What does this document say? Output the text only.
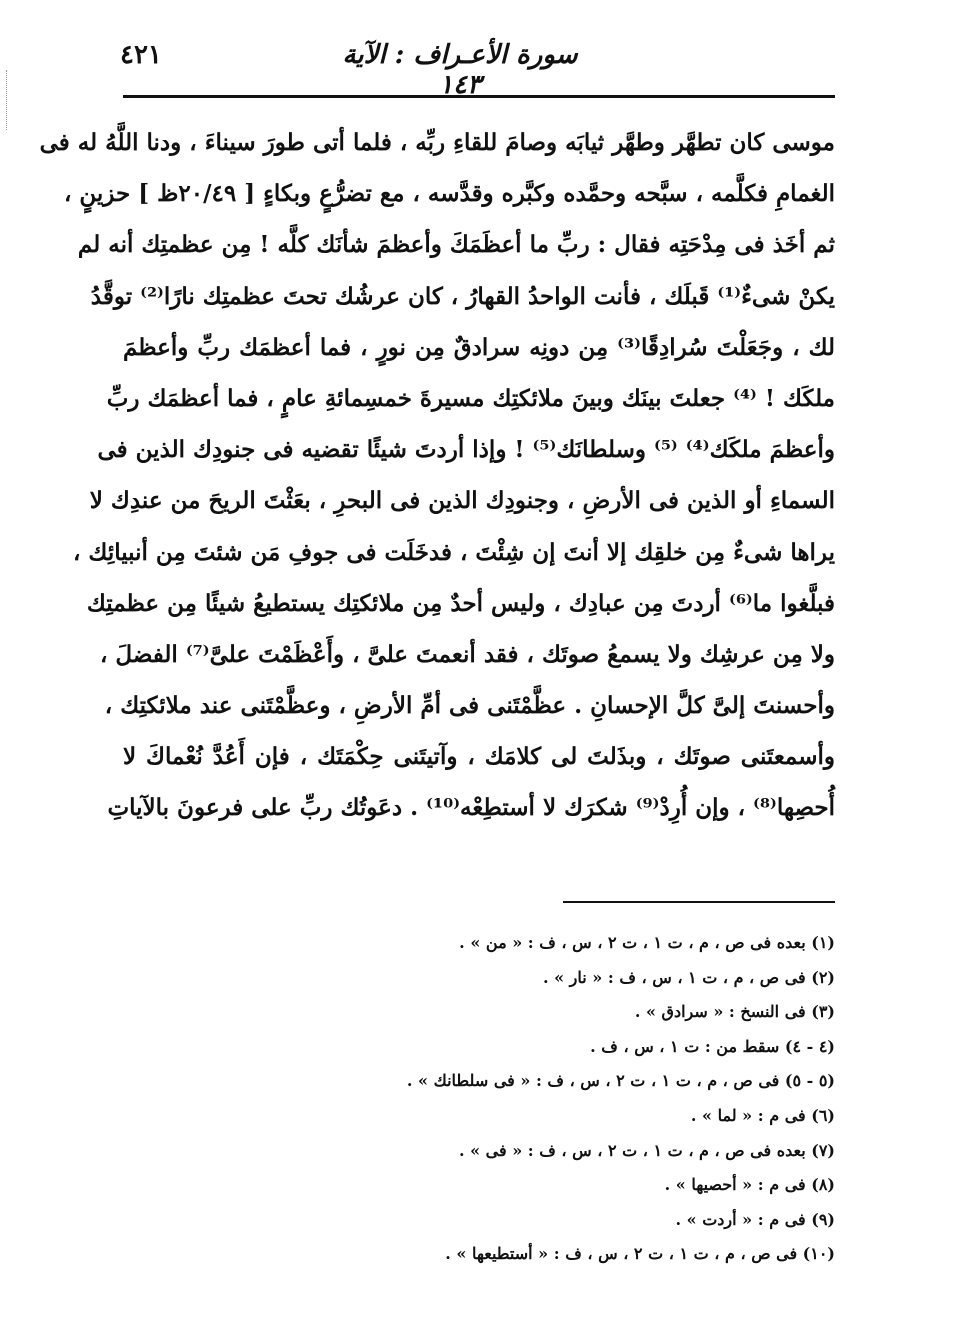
٤٢١	سورة الأعـراف : الآية ١٤٣
موسى كان تطهَّر وطهَّر ثيابَه وصامَ للقاءِ ربِّه ، فلما أتى طورَ سيناءَ ، ودنا اللَّهُ له فى
الغمامِ فكلَّمه ، سبَّحه وحمَّده وكبَّره وقدَّسه ، مع تضرُّعٍ وبكاءٍ [ ٢٠/٤٩ظ ] حزينٍ ،
ثم أخَذ فى مِدْحَتِه فقال : ربِّ ما أعظَمَكَ وأعظمَ شأنَك كلَّه ! مِن عظمتِك أنه لم
يكنْ شىءٌ⁽¹⁾ قَبلَك ، فأنت الواحدُ القهارُ ، كان عرشُك تحتَ عظمتِك نارًا⁽²⁾ توقَّدُ
لك ، وجَعَلْتَ سُرادِقًا⁽³⁾ مِن دونِه سرادقٌ مِن نورٍ ، فما أعظمَك ربِّ وأعظمَ
ملكَك ! ⁽⁴⁾ جعلتَ بينَك وبينَ ملائكتِك مسيرةَ خمسِمائةِ عامٍ ، فما أعظمَك ربِّ
وأعظمَ ملكَك⁽⁴⁾ ⁽⁵⁾ وسلطانَك⁽⁵⁾ ! وإذا أردتَ شيئًا تقضيه فى جنودِك الذين فى
السماءِ أو الذين فى الأرضِ ، وجنودِك الذين فى البحرِ ، بعَثْتَ الريحَ من عندِك لا
يراها شىءٌ مِن خلقِك إلا أنتَ إن شِئْتَ ، فدخَلَت فى جوفِ مَن شئتَ مِن أنبيائِك ،
فبلَّغوا ما⁽⁶⁾ أردتَ مِن عبادِك ، وليس أحدٌ مِن ملائكتِك يستطيعُ شيئًا مِن عظمتِك
ولا مِن عرشِك ولا يسمعُ صوتَك ، فقد أنعمتَ علىَّ ، وأَعْظَمْتَ علىَّ⁽⁷⁾ الفضلَ ،
وأحسنتَ إلىَّ كلَّ الإحسانِ . عظَّمْتَنى فى أمِّ الأرضِ ، وعظَّمْتَنى عند ملائكتِك ،
وأسمعتَنى صوتَك ، وبذَلتَ لى كلامَك ، وآتيتَنى حِكْمَتَك ، فإن أَعُدَّ نُعْماكَ لا
أُحصِها⁽⁸⁾ ، وإن أُرِدْ⁽⁹⁾ شكرَك لا أستطِعْه⁽¹⁰⁾ . دعَوتُك ربِّ على فرعونَ بالآياتِ
(١) بعده فى ص ، م ، ت ١ ، ت ٢ ، س ، ف : « من » .
(٢) فى ص ، م ، ت ١ ، س ، ف : « نار » .
(٣) فى النسخ : « سرادق » .
(٤ - ٤) سقط من : ت ١ ، س ، ف .
(٥ - ٥) فى ص ، م ، ت ١ ، ت ٢ ، س ، ف : « فى سلطانك » .
(٦) فى م : « لما » .
(٧) بعده فى ص ، م ، ت ١ ، ت ٢ ، س ، ف : « فى » .
(٨) فى م : « أحصيها » .
(٩) فى م : « أردت » .
(١٠) فى ص ، م ، ت ١ ، ت ٢ ، س ، ف : « أستطيعها » .
